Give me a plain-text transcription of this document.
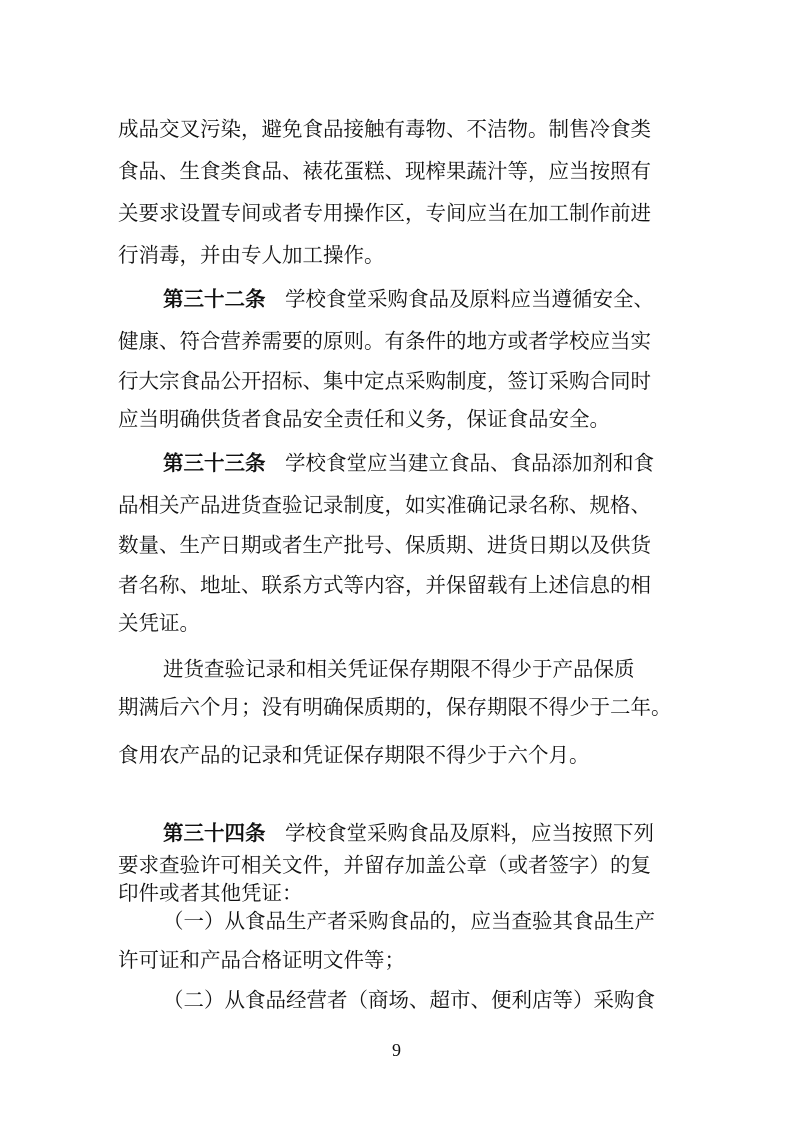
成品交叉污染，避免食品接触有毒物、不洁物。制售冷食类
食品、生食类食品、裱花蛋糕、现榨果蔬汁等，应当按照有
关要求设置专间或者专用操作区，专间应当在加工制作前进
行消毒，并由专人加工操作。
第三十二条 学校食堂采购食品及原料应当遵循安全、
健康、符合营养需要的原则。有条件的地方或者学校应当实
行大宗食品公开招标、集中定点采购制度，签订采购合同时
应当明确供货者食品安全责任和义务，保证食品安全。
第三十三条 学校食堂应当建立食品、食品添加剂和食
品相关产品进货查验记录制度，如实准确记录名称、规格、
数量、生产日期或者生产批号、保质期、进货日期以及供货
者名称、地址、联系方式等内容，并保留载有上述信息的相
关凭证。
进货查验记录和相关凭证保存期限不得少于产品保质
期满后六个月；没有明确保质期的，保存期限不得少于二年。
食用农产品的记录和凭证保存期限不得少于六个月。
第三十四条 学校食堂采购食品及原料，应当按照下列
要求查验许可相关文件，并留存加盖公章（或者签字）的复
印件或者其他凭证：
9
（一）从食品生产者采购食品的，应当查验其食品生产
许可证和产品合格证明文件等；
（二）从食品经营者（商场、超市、便利店等）采购食
